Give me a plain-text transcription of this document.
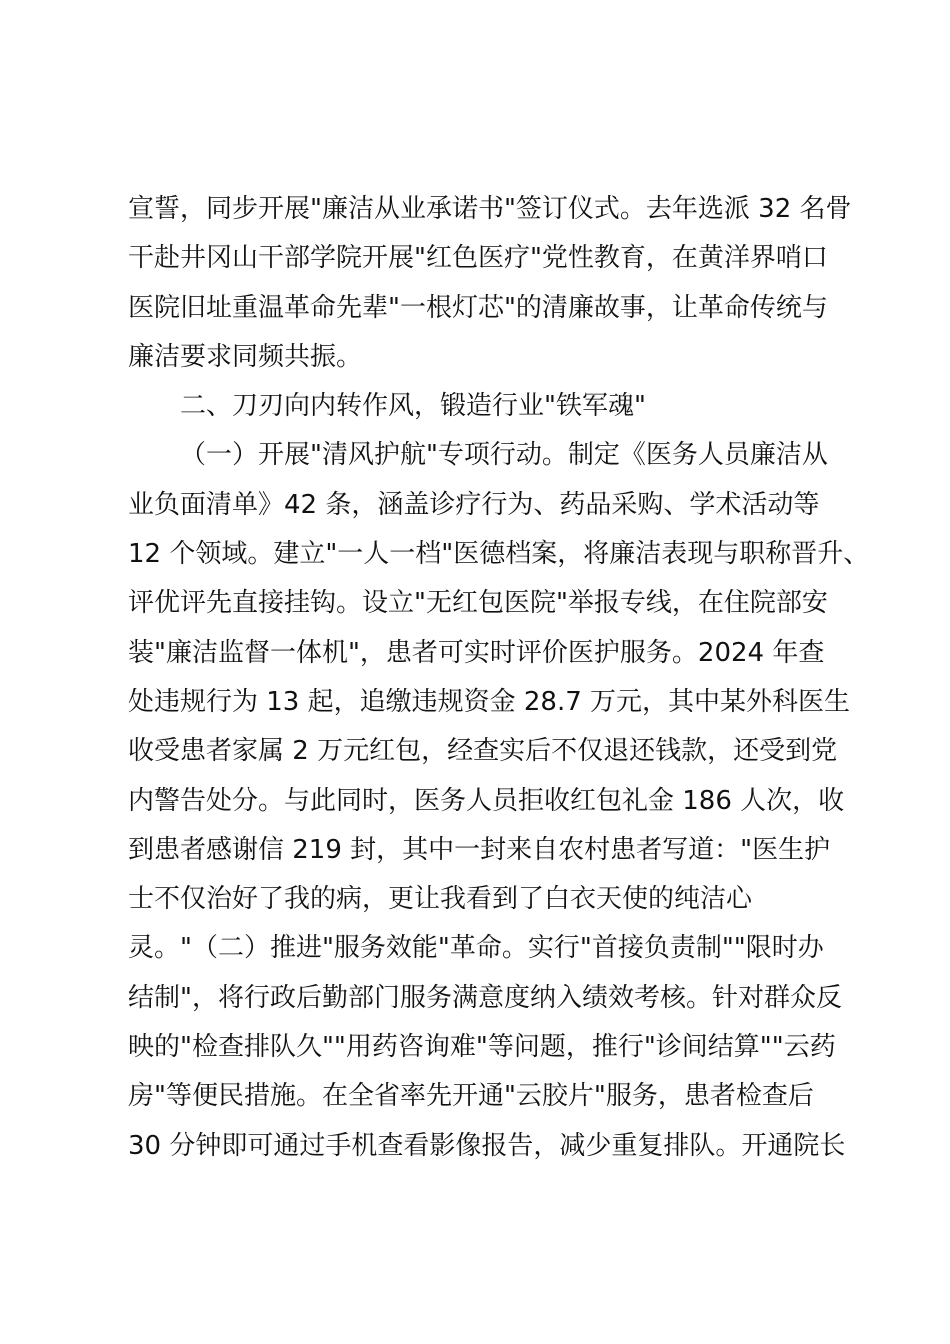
宣誓，同步开展"廉洁从业承诺书"签订仪式。去年选派 32 名骨
干赴井冈山干部学院开展"红色医疗"党性教育，在黄洋界哨口
医院旧址重温革命先辈"一根灯芯"的清廉故事，让革命传统与
廉洁要求同频共振。
二、刀刃向内转作风，锻造行业"铁军魂"
（一）开展"清风护航"专项行动。制定《医务人员廉洁从
业负面清单》42 条，涵盖诊疗行为、药品采购、学术活动等
12 个领域。建立"一人一档"医德档案，将廉洁表现与职称晋升、
评优评先直接挂钩。设立"无红包医院"举报专线，在住院部安
装"廉洁监督一体机"，患者可实时评价医护服务。2024 年查
处违规行为 13 起，追缴违规资金 28.7 万元，其中某外科医生
收受患者家属 2 万元红包，经查实后不仅退还钱款，还受到党
内警告处分。与此同时，医务人员拒收红包礼金 186 人次，收
到患者感谢信 219 封，其中一封来自农村患者写道："医生护
士不仅治好了我的病，更让我看到了白衣天使的纯洁心
灵。"（二）推进"服务效能"革命。实行"首接负责制""限时办
结制"，将行政后勤部门服务满意度纳入绩效考核。针对群众反
映的"检查排队久""用药咨询难"等问题，推行"诊间结算""云药
房"等便民措施。在全省率先开通"云胶片"服务，患者检查后
30 分钟即可通过手机查看影像报告，减少重复排队。开通院长
